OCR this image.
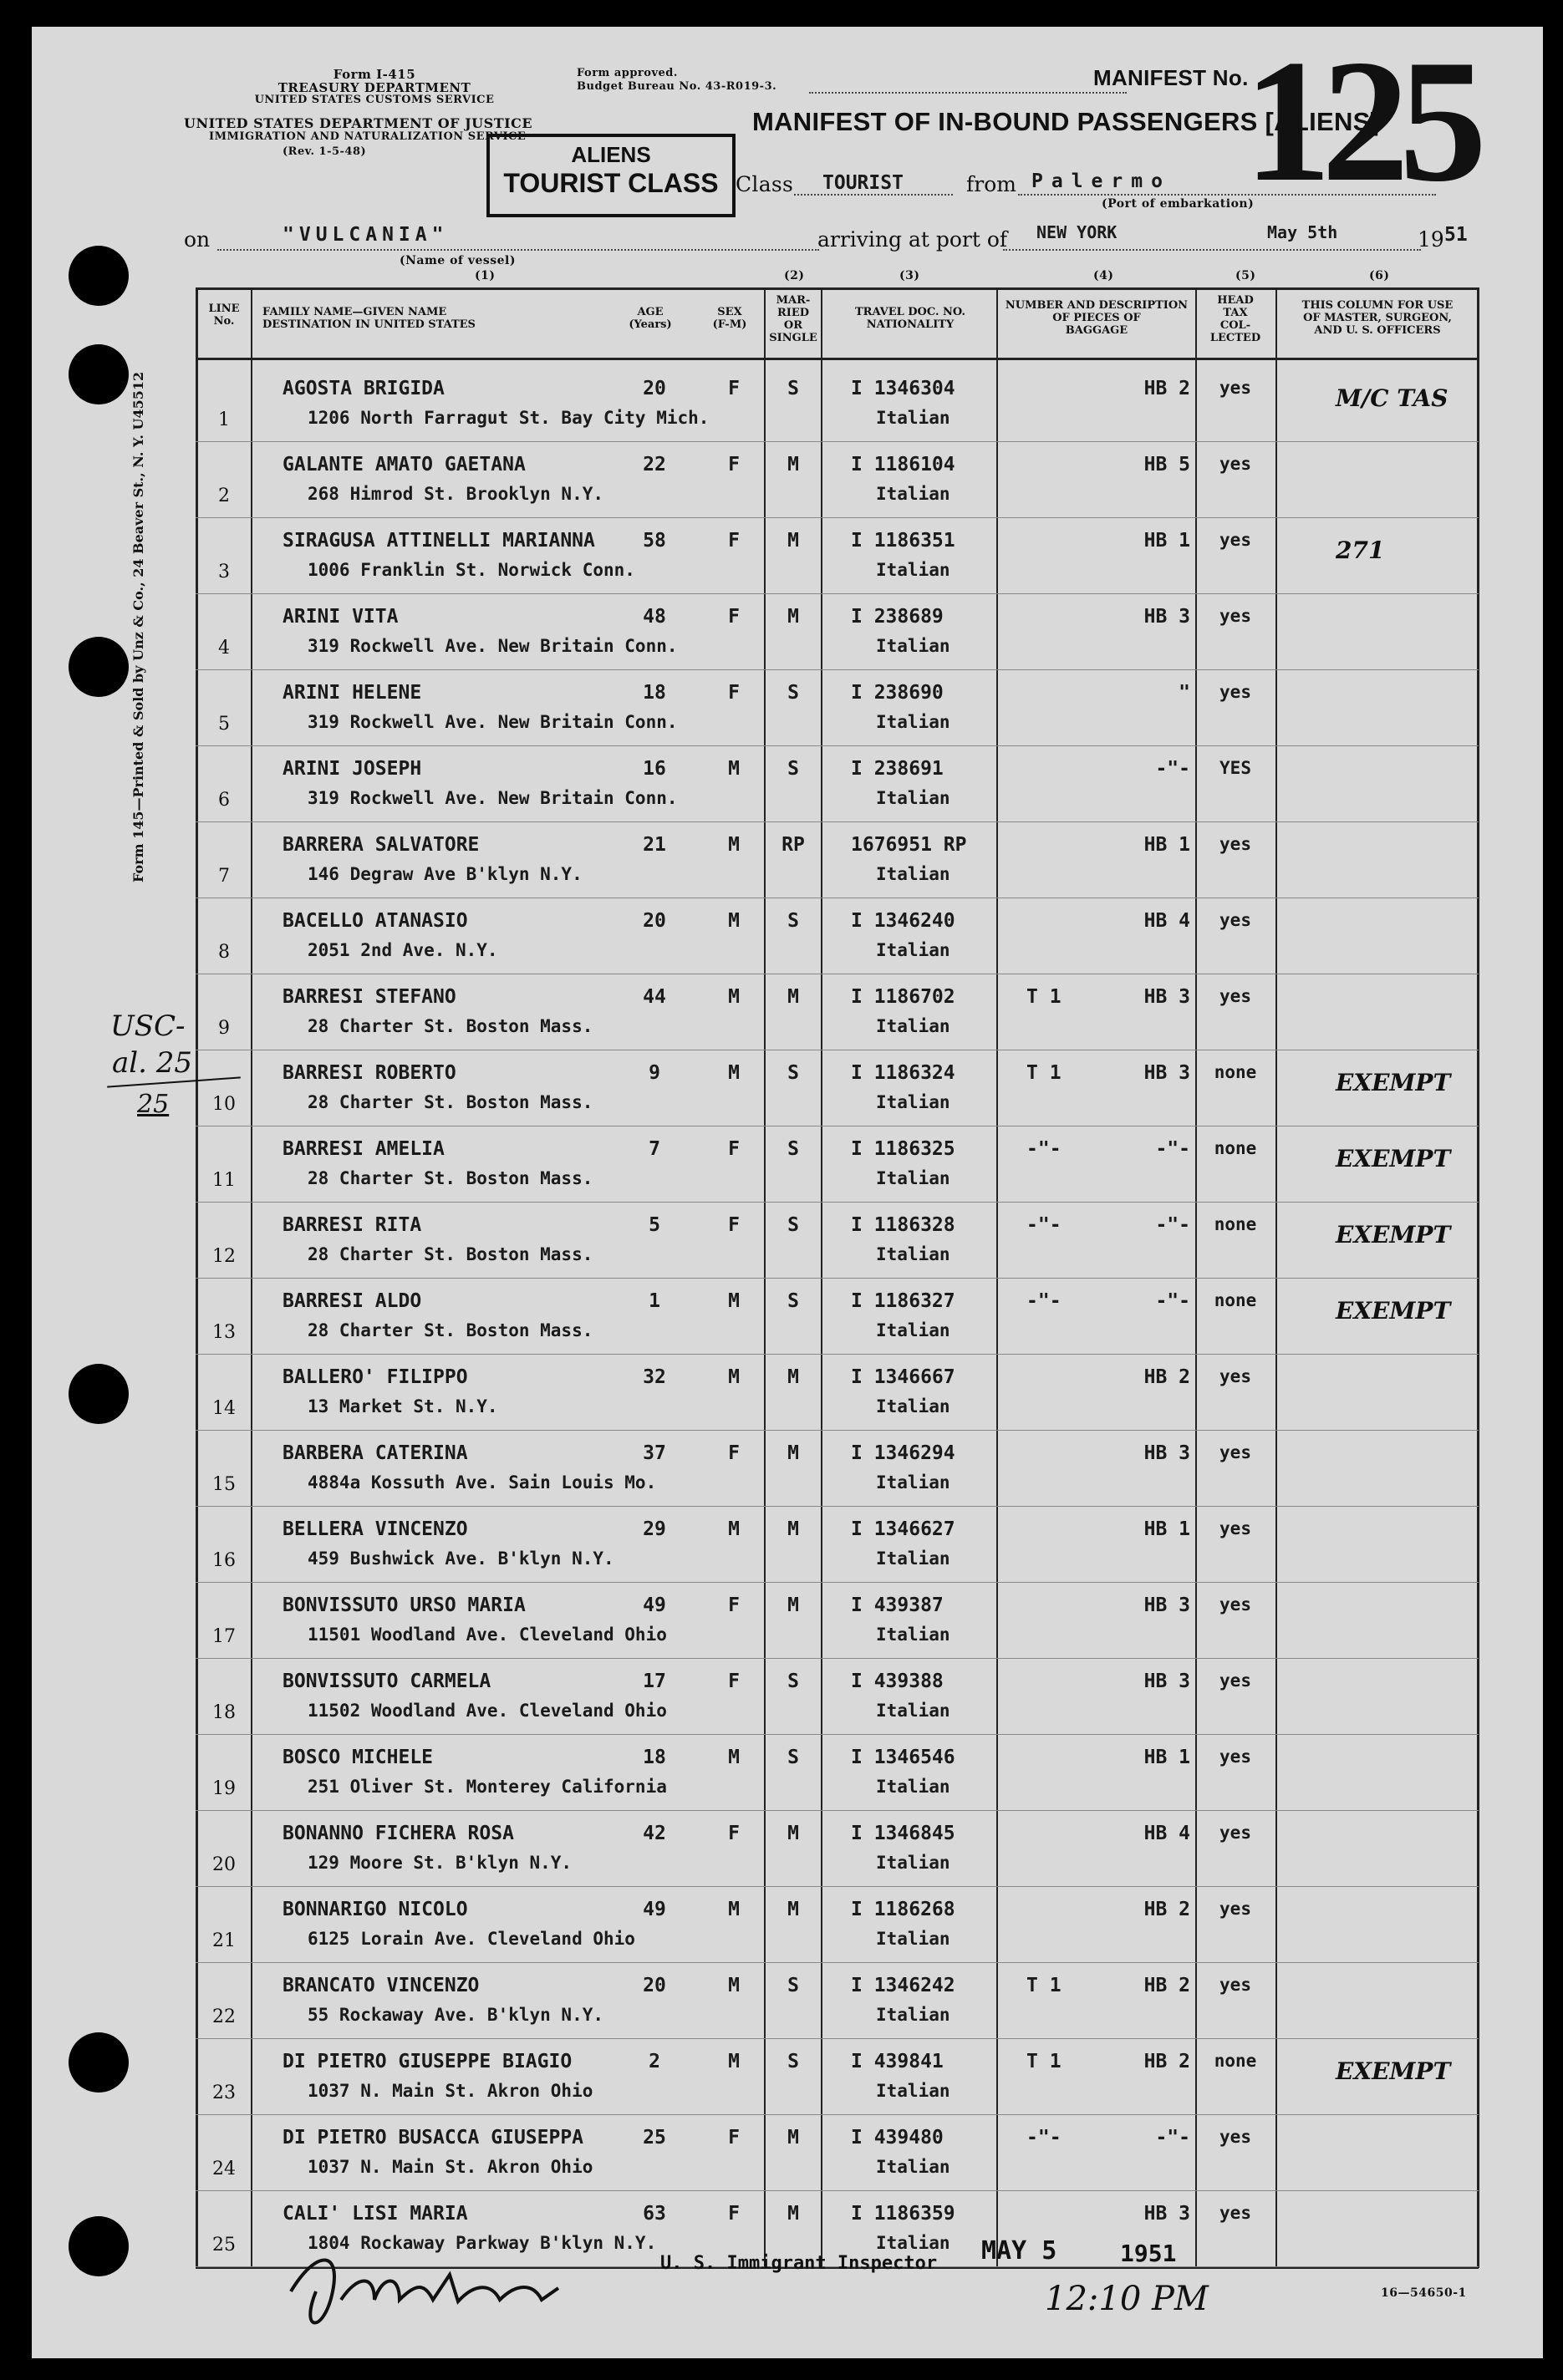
Form I-415
TREASURY DEPARTMENT
UNITED STATES CUSTOMS SERVICE
UNITED STATES DEPARTMENT OF JUSTICE
IMMIGRATION AND NATURALIZATION SERVICE
(Rev. 1-5-48)
Form approved.
Budget Bureau No. 43-R019-3.	MANIFEST No.
125
MANIFEST OF IN-BOUND PASSENGERS [ALIENS]
ALIENS
TOURIST CLASS Class TOURIST	from Palermo
(Port of embarkation)
on	"VULCANIA"
(Name of vessel)
(1)
arriving at port of NEW YORK	May 5th	19 51
(2)	(3)	(4)	(5)	(6)
Form 145—Printed & Sold by Unz & Co., 24 Beaver St., N. Y. U45512
LINE No.
FAMILY NAME—GIVEN NAME
DESTINATION IN UNITED STATES
AGE
(Years)
SEX
(F-M)
MAR-
RIED
OR
SINGLE
TRAVEL DOC. NO.
NATIONALITY
NUMBER AND DESCRIPTION
OF PIECES OF
BAGGAGE
HEAD
TAX
COL-
LECTED
THIS COLUMN FOR USE
OF MASTER, SURGEON,
AND U. S. OFFICERS
1
AGOSTA BRIGIDA
1206 North Farragut St. Bay City Mich.
20	F	S	I 1346304
Italian
HB 2	yes	M/C TAS
2
GALANTE AMATO GAETANA
268 Himrod St. Brooklyn N.Y.
22	F	M	I 1186104
Italian
HB 5	yes
3
SIRAGUSA ATTINELLI MARIANNA
1006 Franklin St. Norwick Conn.
58	F	M	I 1186351
Italian
HB 1	yes	271
4
ARINI VITA
319 Rockwell Ave. New Britain Conn.
48	F	M	I 238689
Italian
HB 3	yes
5
ARINI HELENE
319 Rockwell Ave. New Britain Conn.
18	F	S	I 238690
Italian
"	yes
6
ARINI JOSEPH
319 Rockwell Ave. New Britain Conn.
16	M	S	I 238691
Italian
-"-	YES
7
BARRERA SALVATORE
146 Degraw Ave B'klyn N.Y.
21	M	RP	1676951 RP
Italian
HB 1	yes
8
BACELLO ATANASIO
2051 2nd Ave. N.Y.
20	M	S	I 1346240
Italian
HB 4	yes
9
BARRESI STEFANO
28 Charter St. Boston Mass.
44	M	M	I 1186702
Italian
T 1	HB 3	yes
10
BARRESI ROBERTO
28 Charter St. Boston Mass.
9	M	S	I 1186324
Italian
T 1	HB 3	none	EXEMPT
11
BARRESI AMELIA
28 Charter St. Boston Mass.
7	F	S	I 1186325
Italian
-"-	-"-	none	EXEMPT
12
BARRESI RITA
28 Charter St. Boston Mass.
5	F	S	I 1186328
Italian
-"-	-"-	none	EXEMPT
13
BARRESI ALDO
28 Charter St. Boston Mass.
1	M	S	I 1186327
Italian
-"-	-"-	none	EXEMPT
14
BALLERO' FILIPPO
13 Market St. N.Y.
32	M	M	I 1346667
Italian
HB 2	yes
15
BARBERA CATERINA
4884a Kossuth Ave. Sain Louis Mo.
37	F	M	I 1346294
Italian
HB 3	yes
16
BELLERA VINCENZO
459 Bushwick Ave. B'klyn N.Y.
29	M	M	I 1346627
Italian
HB 1	yes
17
BONVISSUTO URSO MARIA
11501 Woodland Ave. Cleveland Ohio
49	F	M	I 439387
Italian
HB 3	yes
18
BONVISSUTO CARMELA
11502 Woodland Ave. Cleveland Ohio
17	F	S	I 439388
Italian
HB 3	yes
19
BOSCO MICHELE
251 Oliver St. Monterey California
18	M	S	I 1346546
Italian
HB 1	yes
20
BONANNO FICHERA ROSA
129 Moore St. B'klyn N.Y.
42	F	M	I 1346845
Italian
HB 4	yes
21
BONNARIGO NICOLO
6125 Lorain Ave. Cleveland Ohio
49	M	M	I 1186268
Italian
HB 2	yes
22
BRANCATO VINCENZO
55 Rockaway Ave. B'klyn N.Y.
20	M	S	I 1346242
Italian
T 1	HB 2	yes
23
DI PIETRO GIUSEPPE BIAGIO
1037 N. Main St. Akron Ohio
2	M	S	I 439841
Italian
T 1	HB 2	none	EXEMPT
24
DI PIETRO BUSACCA GIUSEPPA
1037 N. Main St. Akron Ohio
25	F	M	I 439480
Italian
-"-	-"-	yes
25
CALI' LISI MARIA
1804 Rockaway Parkway B'klyn N.Y.
63	F	M	I 1186359
Italian
HB 3	yes
USC-
al. 25
25
U. S. Immigrant Inspector MAY 5	1951
12:10 PM	16—54650-1
